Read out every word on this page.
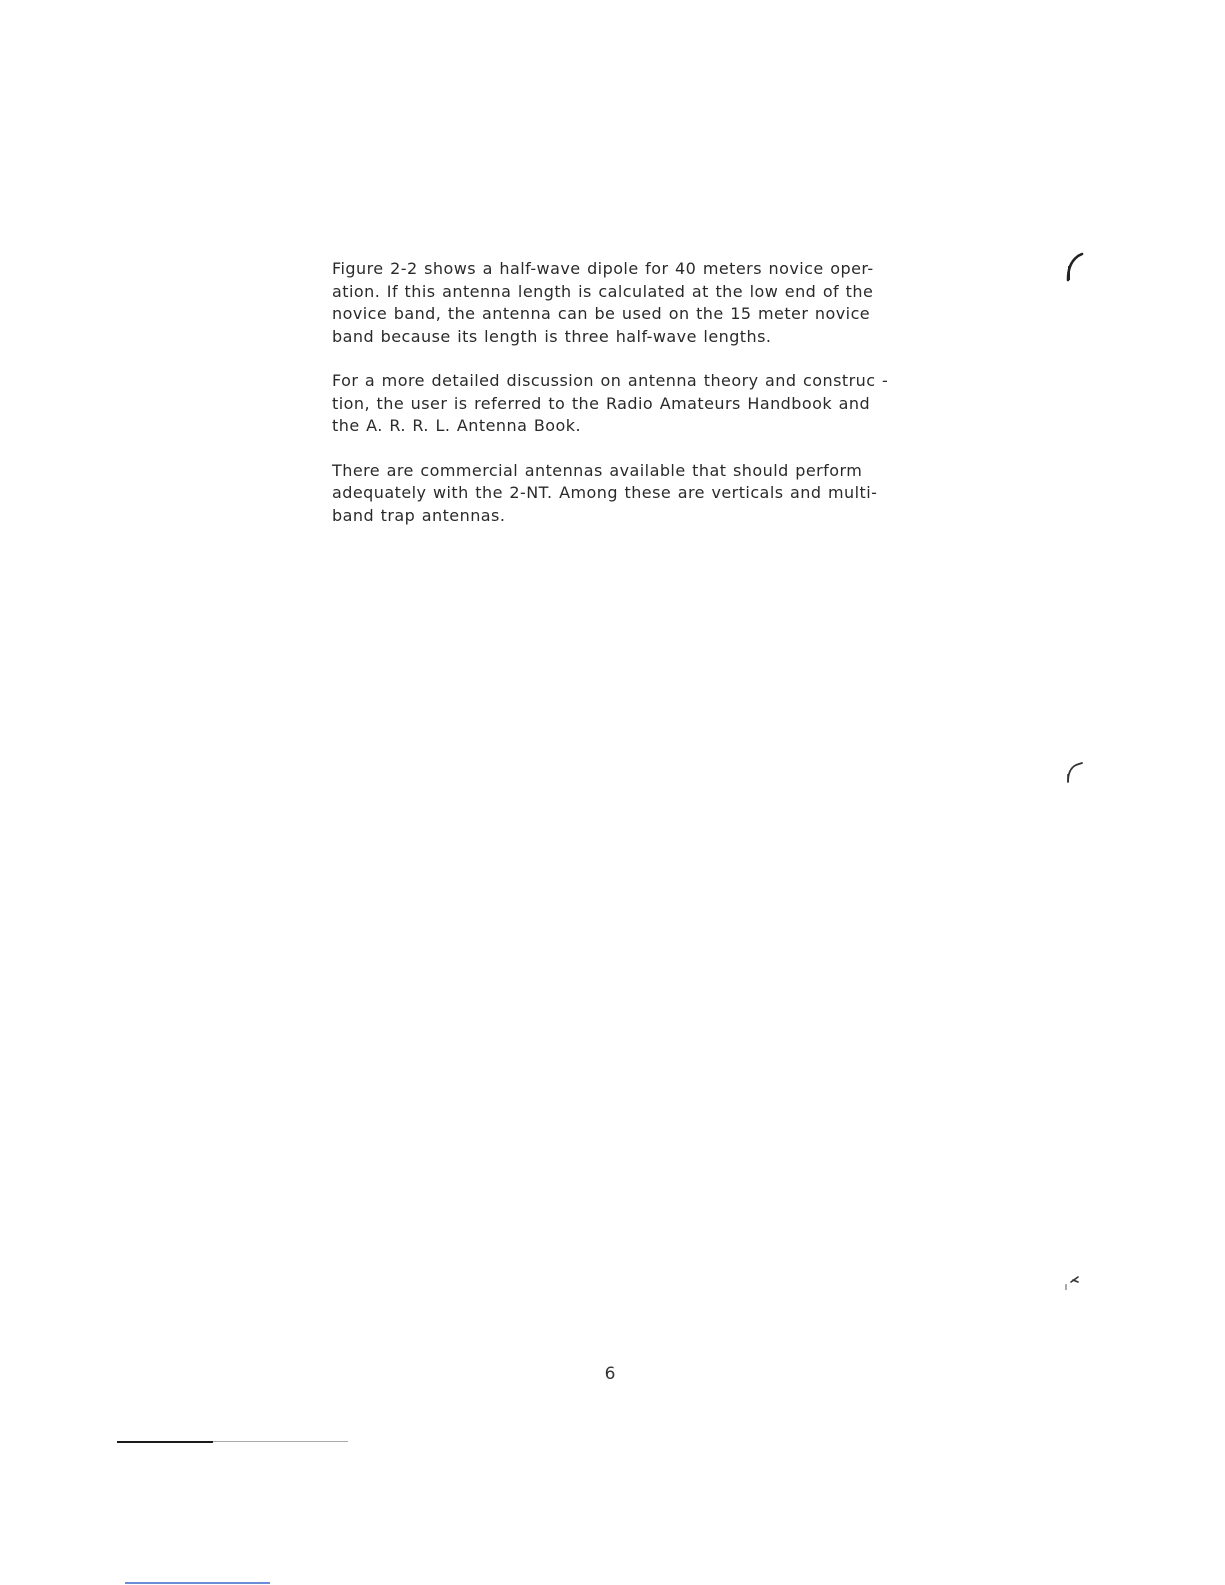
Figure 2-2 shows a half-wave dipole for 40 meters novice oper-
ation. If this antenna length is calculated at the low end of the
novice band, the antenna can be used on the 15 meter novice
band because its length is three half-wave lengths.

For a more detailed discussion on antenna theory and construc -
tion, the user is referred to the Radio Amateurs Handbook and
the A. R. R. L. Antenna Book.

There are commercial antennas available that should perform
adequately with the 2-NT. Among these are verticals and multi-
band trap antennas.

6
